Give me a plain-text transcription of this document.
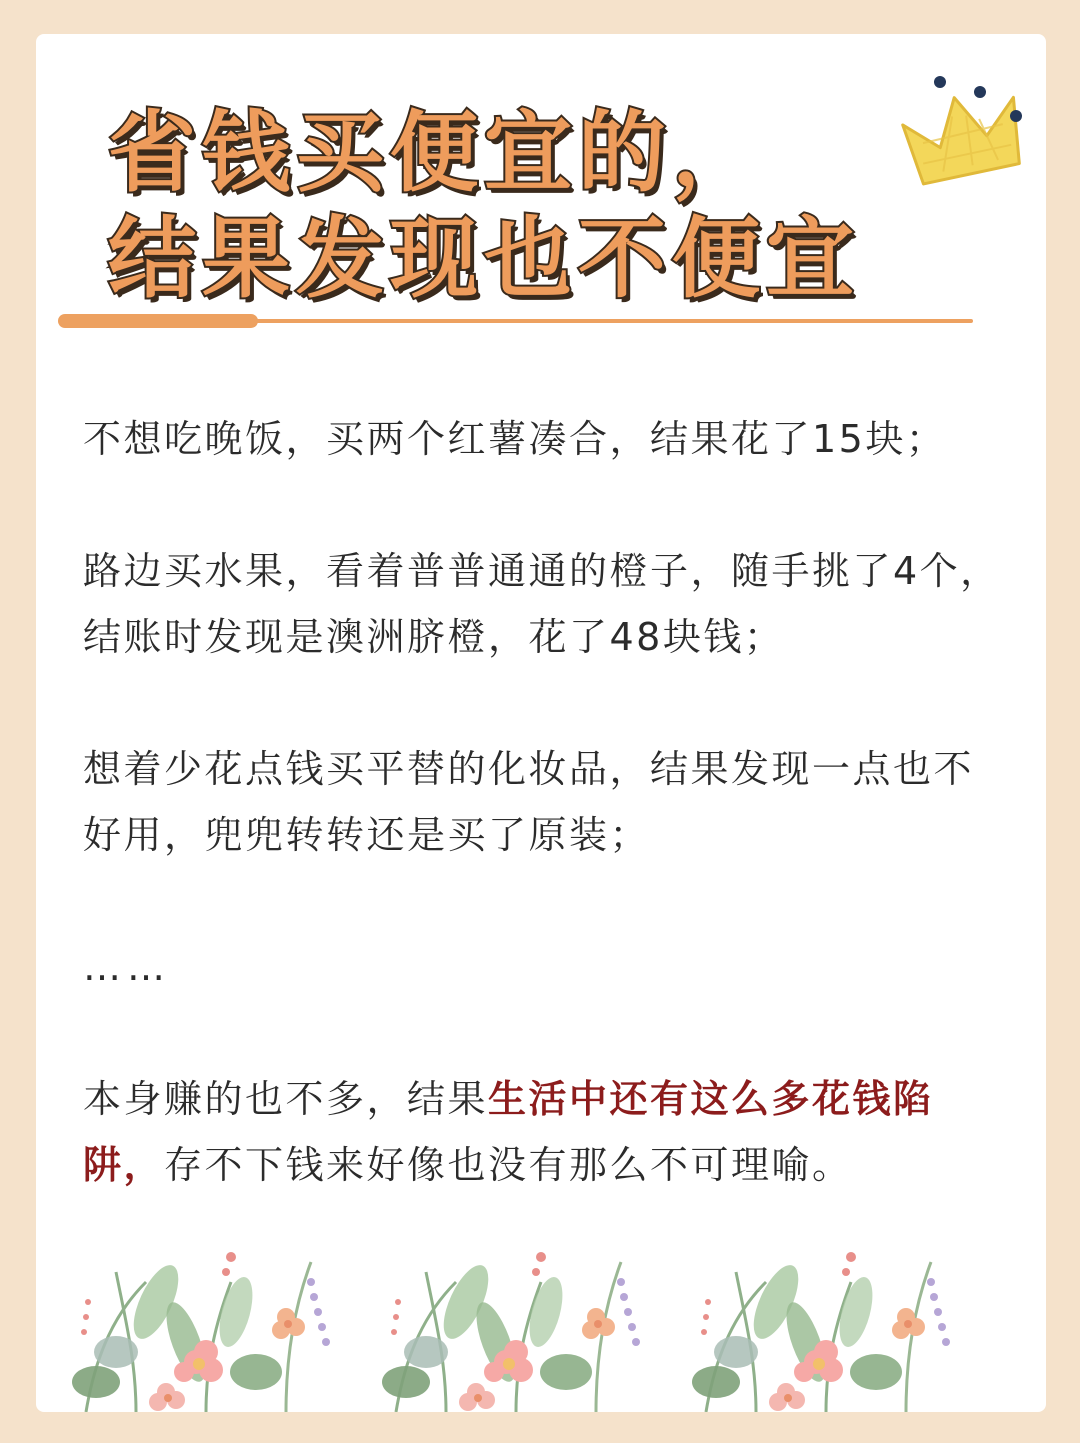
省钱买便宜的，
结果发现也不便宜

不想吃晚饭，买两个红薯凑合，结果花了15块；

路边买水果，看着普普通通的橙子，随手挑了4个，结账时发现是澳洲脐橙，花了48块钱；

想着少花点钱买平替的化妆品，结果发现一点也不好用，兜兜转转还是买了原装；

……

本身赚的也不多，结果生活中还有这么多花钱陷阱，存不下钱来好像也没有那么不可理喻。
